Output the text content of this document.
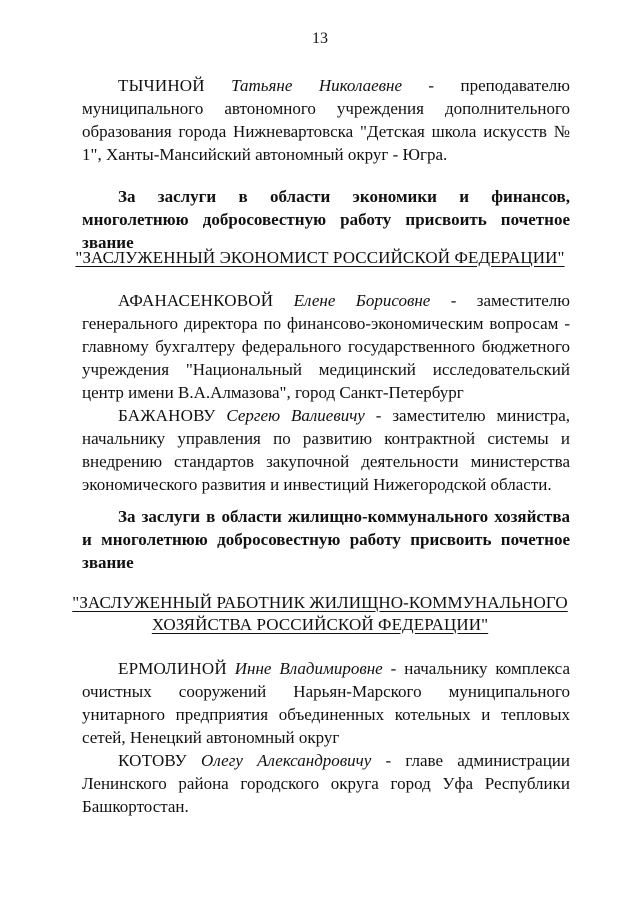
13

ТЫЧИНОЙ Татьяне Николаевне - преподавателю муниципального автономного учреждения дополнительного образования города Нижневартовска "Детская школа искусств № 1", Ханты-Мансийский автономный округ - Югра.

За заслуги в области экономики и финансов, многолетнюю добросовестную работу присвоить почетное звание

"ЗАСЛУЖЕННЫЙ ЭКОНОМИСТ РОССИЙСКОЙ ФЕДЕРАЦИИ"

АФАНАСЕНКОВОЙ Елене Борисовне - заместителю генерального директора по финансово-экономическим вопросам - главному бухгалтеру федерального государственного бюджетного учреждения "Национальный медицинский исследовательский центр имени В.А.Алмазова", город Санкт-Петербург

БАЖАНОВУ Сергею Валиевичу - заместителю министра, начальнику управления по развитию контрактной системы и внедрению стандартов закупочной деятельности министерства экономического развития и инвестиций Нижегородской области.

За заслуги в области жилищно-коммунального хозяйства и многолетнюю добросовестную работу присвоить почетное звание

"ЗАСЛУЖЕННЫЙ РАБОТНИК ЖИЛИЩНО-КОММУНАЛЬНОГО
ХОЗЯЙСТВА РОССИЙСКОЙ ФЕДЕРАЦИИ"

ЕРМОЛИНОЙ Инне Владимировне - начальнику комплекса очистных сооружений Нарьян-Марского муниципального унитарного предприятия объединенных котельных и тепловых сетей, Ненецкий автономный округ

КОТОВУ Олегу Александровичу - главе администрации Ленинского района городского округа город Уфа Республики Башкортостан.
